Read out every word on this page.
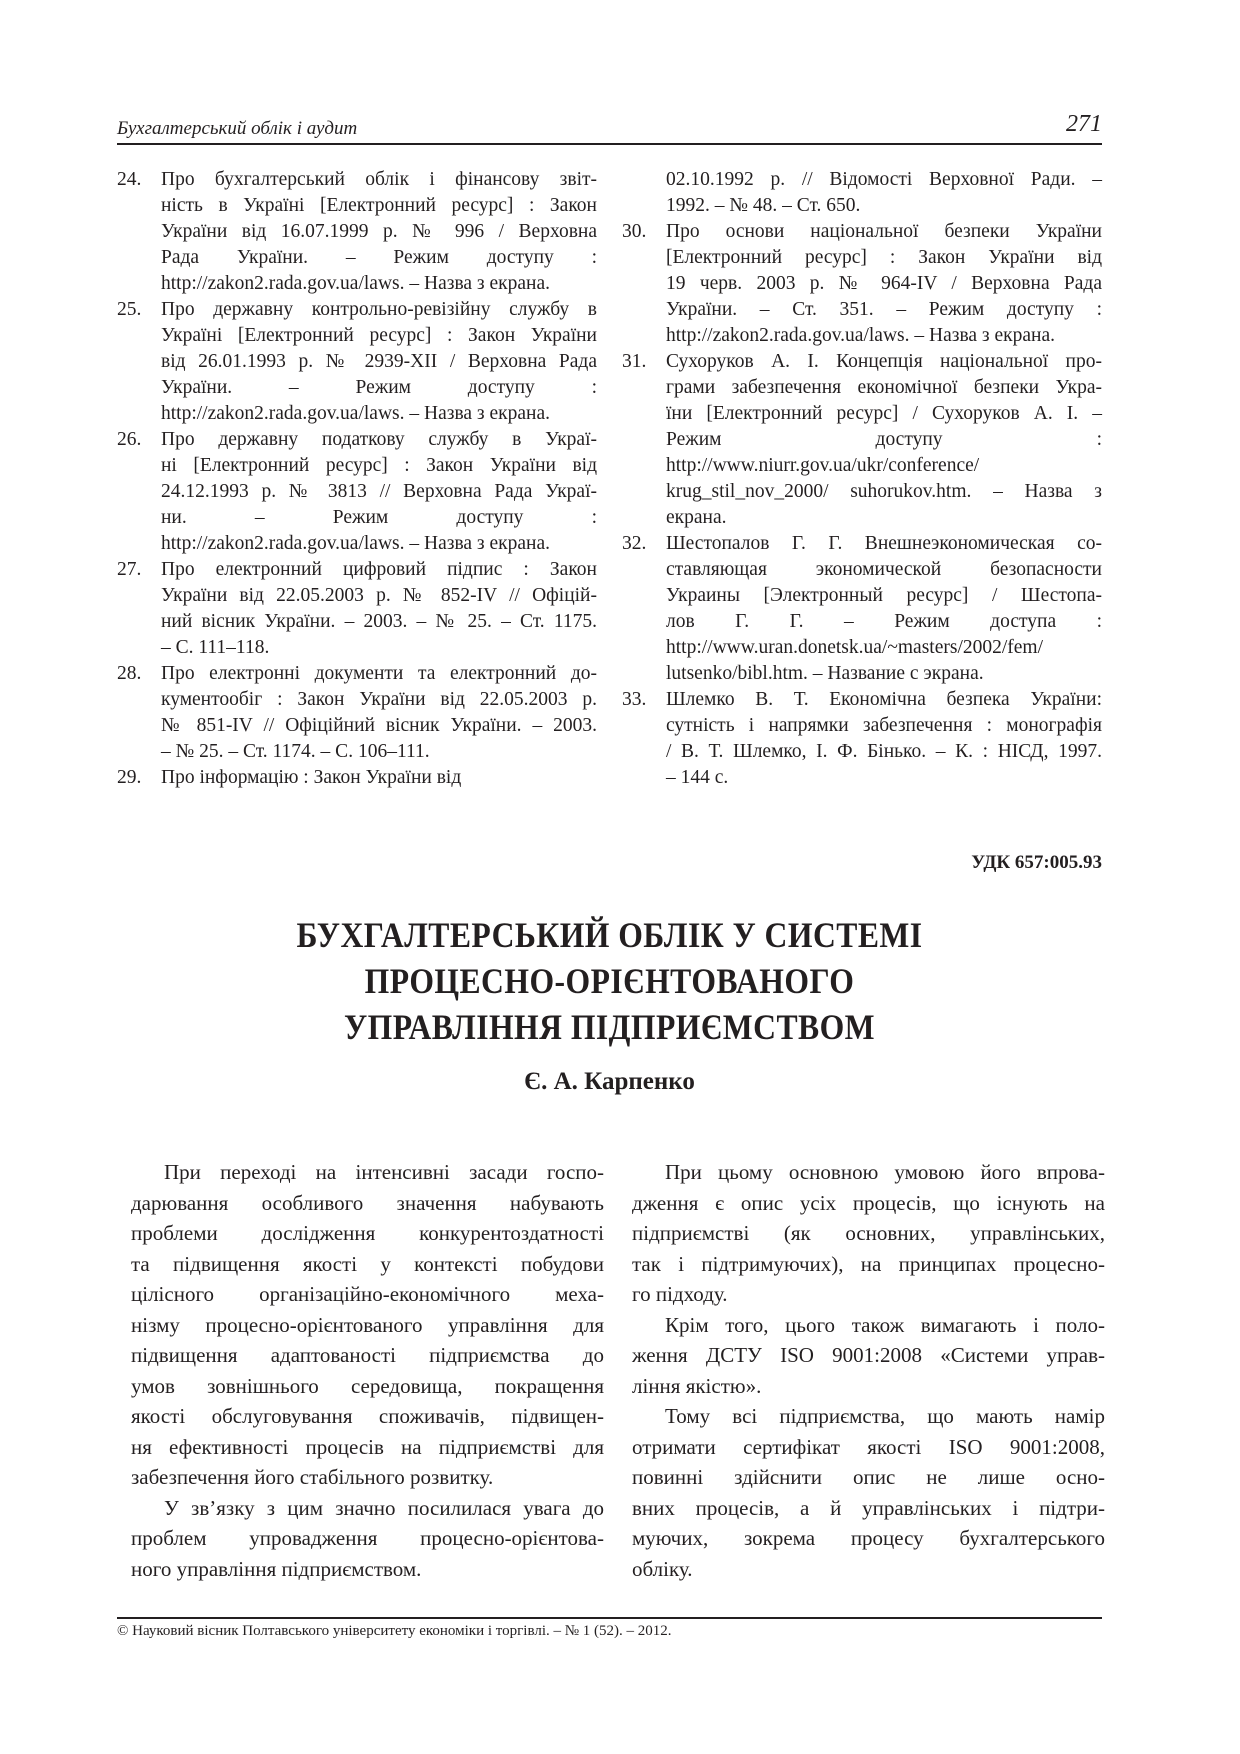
Бухгалтерський облік і аудит	271
24. Про бухгалтерський облік і фінансову звіт-
ність в Україні [Електронний ресурс] : Закон
України від 16.07.1999 р. № 996 / Верховна
Рада України. – Режим доступу :
http://zakon2.rada.gov.ua/laws. – Назва з екрана.
25. Про державну контрольно-ревізійну службу в
Україні [Електронний ресурс] : Закон України
від 26.01.1993 р. № 2939-XII / Верховна Рада
України. – Режим доступу :
http://zakon2.rada.gov.ua/laws. – Назва з екрана.
26. Про державну податкову службу в Украї-
ні [Електронний ресурс] : Закон України від
24.12.1993 р. № 3813 // Верховна Рада Украї-
ни. – Режим доступу :
http://zakon2.rada.gov.ua/laws. – Назва з екрана.
27. Про електронний цифровий підпис : Закон
України від 22.05.2003 р. № 852-IV // Офіцій-
ний вісник України. – 2003. – № 25. – Ст. 1175.
– С. 111–118.
28. Про електронні документи та електронний до-
кументообіг : Закон України від 22.05.2003 р.
№ 851-IV // Офіційний вісник України. – 2003.
– № 25. – Ст. 1174. – С. 106–111.
29. Про інформацію : Закон України від
02.10.1992 р. // Відомості Верховної Ради. –
1992. – № 48. – Ст. 650.
30. Про основи національної безпеки України
[Електронний ресурс] : Закон України від
19 черв. 2003 р. № 964-IV / Верховна Рада
України. – Ст. 351. – Режим доступу :
http://zakon2.rada.gov.ua/laws. – Назва з екрана.
31. Сухоруков А. І. Концепція національної про-
грами забезпечення економічної безпеки Укра-
їни [Електронний ресурс] / Сухоруков А. І. –
Режим доступу :
http://www.niurr.gov.ua/ukr/conference/
krug_stil_nov_2000/ suhorukov.htm. – Назва з
екрана.
32. Шестопалов Г. Г. Внешнеэкономическая со-
ставляющая экономической безопасности
Украины [Электронный ресурс] / Шестопа-
лов Г. Г. – Режим доступа :
http://www.uran.donetsk.ua/~masters/2002/fem/
lutsenko/bibl.htm. – Название с экрана.
33. Шлемко В. Т. Економічна безпека України:
сутність і напрямки забезпечення : монографія
/ В. Т. Шлемко, І. Ф. Бінько. – К. : НІСД, 1997.
– 144 с.
УДК 657:005.93
БУХГАЛТЕРСЬКИЙ ОБЛІК У СИСТЕМІ
ПРОЦЕСНО-ОРІЄНТОВАНОГО
УПРАВЛІННЯ ПІДПРИЄМСТВОМ
Є. А. Карпенко
При переході на інтенсивні засади госпо-
дарювання особливого значення набувають
проблеми дослідження конкурентоздатності
та підвищення якості у контексті побудови
цілісного організаційно-економічного меха-
нізму процесно-орієнтованого управління для
підвищення адаптованості підприємства до
умов зовнішнього середовища, покращення
якості обслуговування споживачів, підвищен-
ня ефективності процесів на підприємстві для
забезпечення його стабільного розвитку.
У зв’язку з цим значно посилилася увага до
проблем упровадження процесно-орієнтова-
ного управління підприємством.
При цьому основною умовою його впрова-
дження є опис усіх процесів, що існують на
підприємстві (як основних, управлінських,
так і підтримуючих), на принципах процесно-
го підходу.
Крім того, цього також вимагають і поло-
ження ДСТУ ISO 9001:2008 «Системи управ-
ління якістю».
Тому всі підприємства, що мають намір
отримати сертифікат якості ISO 9001:2008,
повинні здійснити опис не лише осно-
вних процесів, а й управлінських і підтри-
муючих, зокрема процесу бухгалтерського
обліку.
© Науковий вісник Полтавського університету економіки і торгівлі. – № 1 (52). – 2012.
